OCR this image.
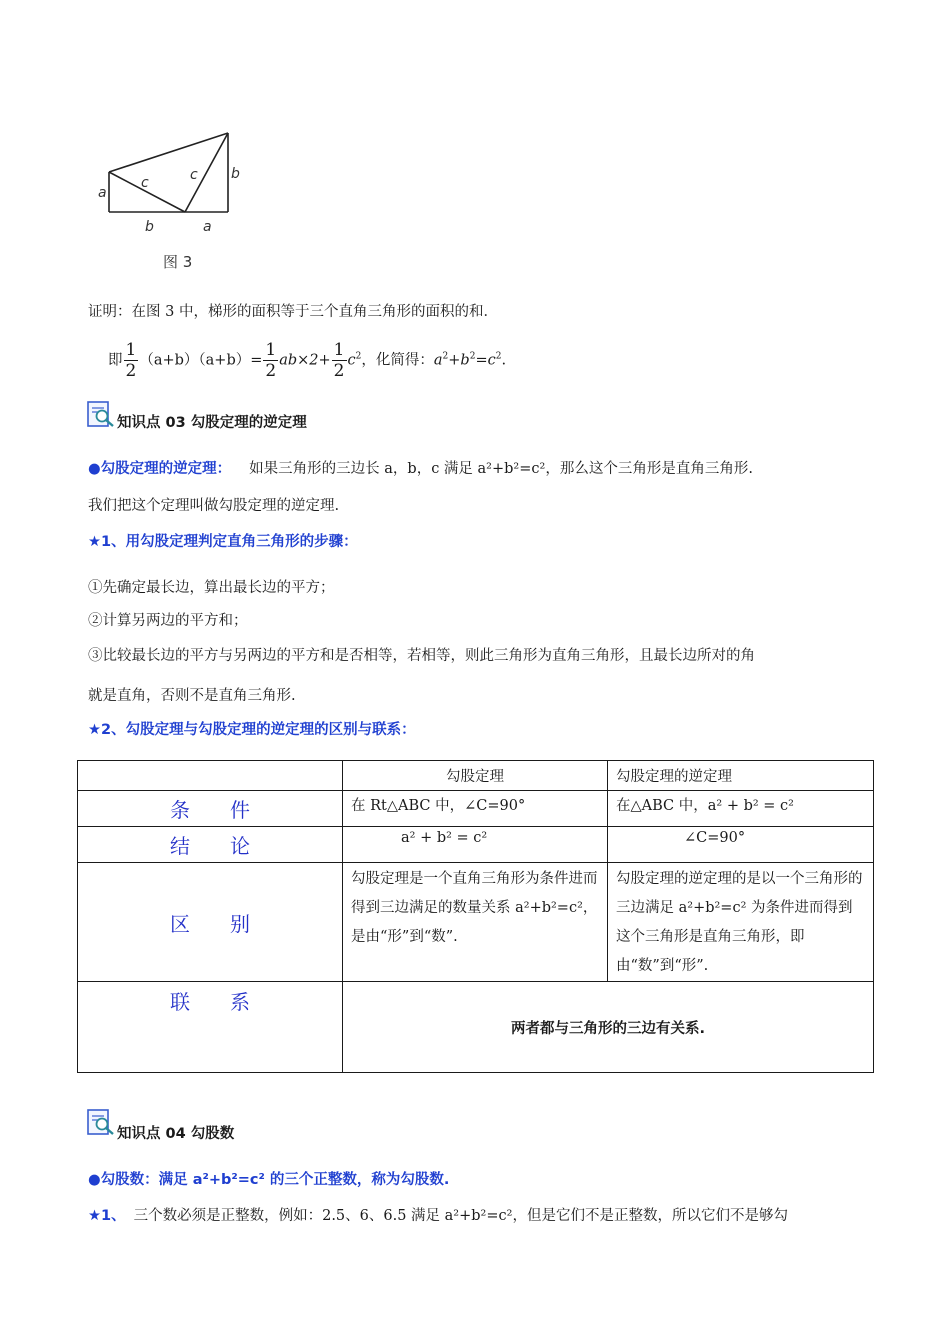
a
c	c b
b	a
图 3
证明：在图 3 中，梯形的面积等于三个直角三角形的面积的和．
即 $\frac{1}{2} (a+b)(a+b)= \frac{1}{2} ab\times 2+ \frac{1}{2} c^2$，化简得：$a^2+b^2=c^2$.
知识点 03 勾股定理的逆定理
●勾股定理的逆定理： 如果三角形的三边长 a，b，c 满足 a²+b²=c²，那么这个三角形是直角三角形.
我们把这个定理叫做勾股定理的逆定理.
★1、用勾股定理判定直角三角形的步骤：
①先确定最长边，算出最长边的平方；
②计算另两边的平方和；
③比较最长边的平方与另两边的平方和是否相等，若相等，则此三角形为直角三角形，且最长边所对的角
就是直角，否则不是直角三角形.
★2、勾股定理与勾股定理的逆定理的区别与联系：
	勾股定理	勾股定理的逆定理
条　　件	在 Rt△ABC 中，∠C=90°	在△ABC 中，a² + b² = c²
结　　论	a² + b² = c²	∠C=90°
区　　别	勾股定理是一个直角三角形为条件进而得到三边满足的数量关系 a²+b²=c²，是由“形”到“数”.	勾股定理的逆定理的是以一个三角形的三边满足 a²+b²=c² 为条件进而得到这个三角形是直角三角形，即由“数”到“形”.
联　　系	两者都与三角形的三边有关系.	
知识点 04 勾股数
●勾股数：满足 a²+b²=c² 的三个正整数，称为勾股数.
★1、 三个数必须是正整数，例如：2.5、6、6.5 满足 a²+b²=c²，但是它们不是正整数，所以它们不是够勾
